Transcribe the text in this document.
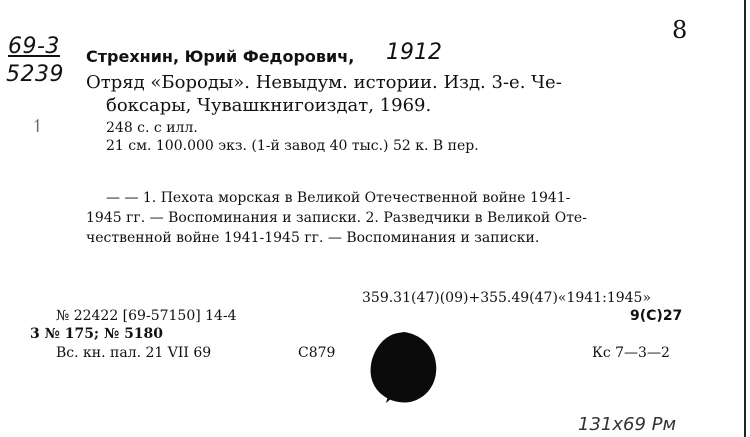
8
69-3
5239
Стрехнин, Юрий Федорович, 1912
Отряд «Бороды». Невыдум. истории. Изд. 3-е. Че-
боксары, Чувашкнигоиздат, 1969.
↿	248 с. с илл.
21 см. 100.000 экз. (1-й завод 40 тыс.) 52 к. В пер.
— — 1. Пехота морская в Великой Отечественной войне 1941-
1945 гг. — Воспоминания и записки. 2. Разведчики в Великой Оте-
чественной войне 1941-1945 гг. — Воспоминания и записки.
359.31(47)(09)+355.49(47)«1941:1945»
9(С)27
№ 22422 [69-57150] 14-4
3 № 175; № 5180
Вс. кн. пал. 21 VII 69	С879	Кс 7—3—2
131х69 Рм
